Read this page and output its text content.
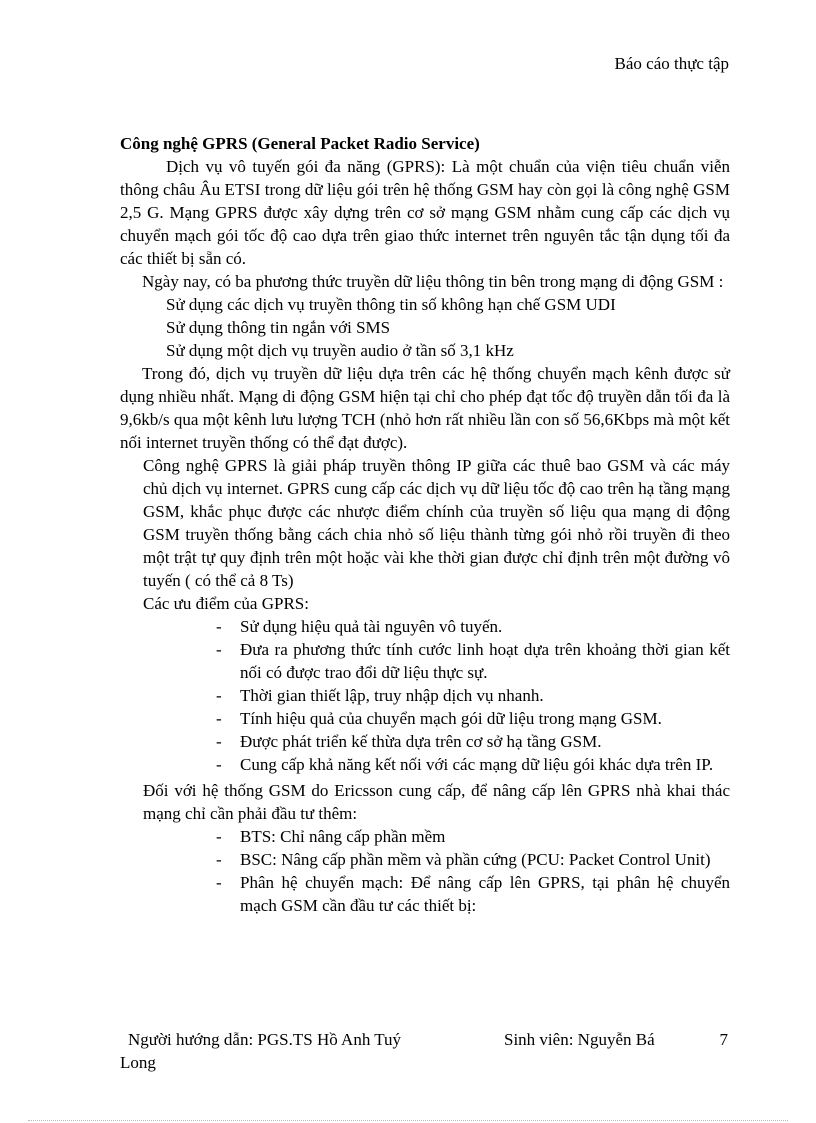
Báo cáo thực tập
Công nghệ GPRS (General Packet Radio Service)

Dịch vụ vô tuyến gói đa năng (GPRS): Là một chuẩn của viện tiêu chuẩn viễn thông châu Âu ETSI trong dữ liệu gói trên hệ thống GSM hay còn gọi là công nghệ GSM 2,5 G. Mạng GPRS được xây dựng trên cơ sở mạng GSM nhằm cung cấp các dịch vụ chuyển mạch gói tốc độ cao dựa trên giao thức internet trên nguyên tắc tận dụng tối đa các thiết bị sẵn có.

Ngày nay, có ba phương thức truyền dữ liệu thông tin bên trong mạng di động GSM :

Sử dụng các dịch vụ truyền thông tin số không hạn chế GSM UDI
Sử dụng thông tin ngắn với SMS
Sử dụng một dịch vụ truyền audio ở tần số 3,1 kHz

Trong đó, dịch vụ truyền dữ liệu dựa trên các hệ thống chuyển mạch kênh được sử dụng nhiều nhất. Mạng di động GSM hiện tại chỉ cho phép đạt tốc độ truyền dẫn tối đa là 9,6kb/s qua một kênh lưu lượng TCH (nhỏ hơn rất nhiều lần con số 56,6Kbps mà một kết nối internet truyền thống có thể đạt được).

Công nghệ GPRS là giải pháp truyền thông IP giữa các thuê bao GSM và các máy chủ dịch vụ internet. GPRS cung cấp các dịch vụ dữ liệu tốc độ cao trên hạ tầng mạng GSM, khắc phục được các nhược điểm chính của truyền số liệu qua mạng di động GSM truyền thống bằng cách chia nhỏ số liệu thành từng gói nhỏ rồi truyền đi theo một trật tự quy định trên một hoặc vài khe thời gian được chỉ định trên một đường vô tuyến ( có thể cả 8 Ts)
Các ưu điểm của GPRS:
- Sử dụng hiệu quả tài nguyên vô tuyến.
- Đưa ra phương thức tính cước linh hoạt dựa trên khoảng thời gian kết nối có được trao đổi dữ liệu thực sự.
- Thời gian thiết lập, truy nhập dịch vụ nhanh.
- Tính hiệu quả của chuyển mạch gói dữ liệu trong mạng GSM.
- Được phát triển kế thừa dựa trên cơ sở hạ tầng GSM.
- Cung cấp khả năng kết nối với các mạng dữ liệu gói khác dựa trên IP.
Đối với hệ thống GSM do Ericsson cung cấp, để nâng cấp lên GPRS nhà khai thác mạng chỉ cần phải đầu tư thêm:
- BTS: Chỉ nâng cấp phần mềm
- BSC: Nâng cấp phần mềm và phần cứng (PCU: Packet Control Unit)
- Phân hệ chuyển mạch: Để nâng cấp lên GPRS, tại phân hệ chuyển mạch GSM cần đầu tư các thiết bị:
Người hướng dẫn: PGS.TS Hồ Anh Tuý	Sinh viên: Nguyễn Bá	7
Long
